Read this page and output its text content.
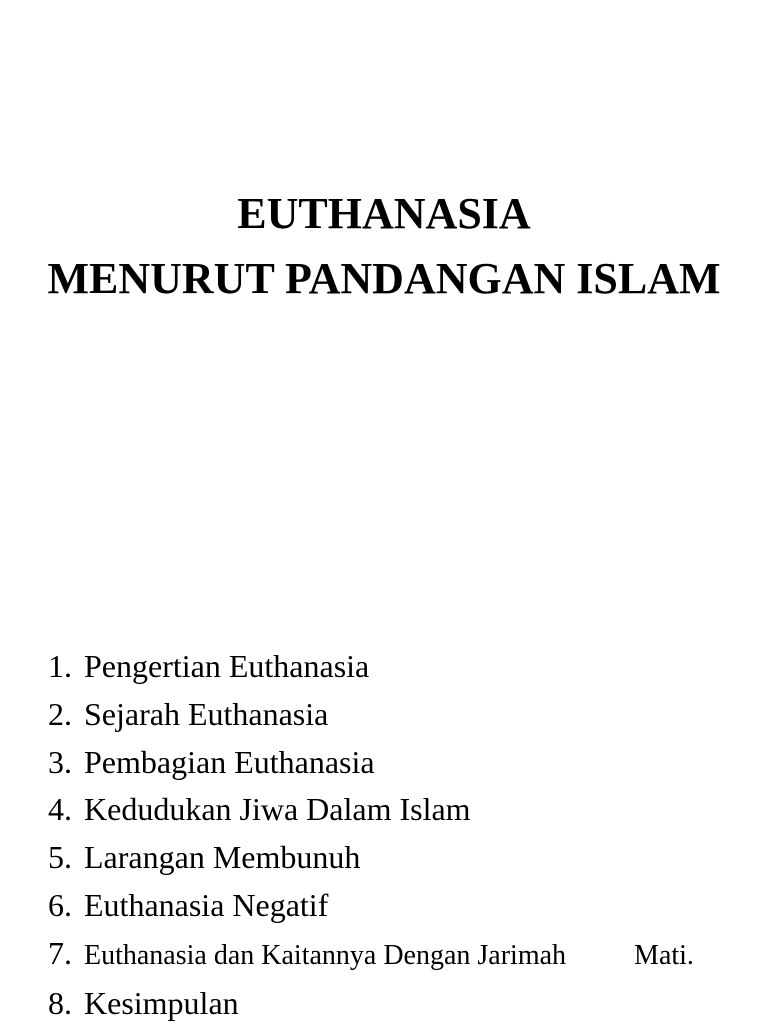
EUTHANASIA
MENURUT PANDANGAN ISLAM
1. Pengertian Euthanasia
2. Sejarah Euthanasia
3. Pembagian Euthanasia
4. Kedudukan Jiwa Dalam Islam
5. Larangan Membunuh
6. Euthanasia Negatif
7. Euthanasia dan Kaitannya Dengan Jarimah Mati.
8. Kesimpulan
